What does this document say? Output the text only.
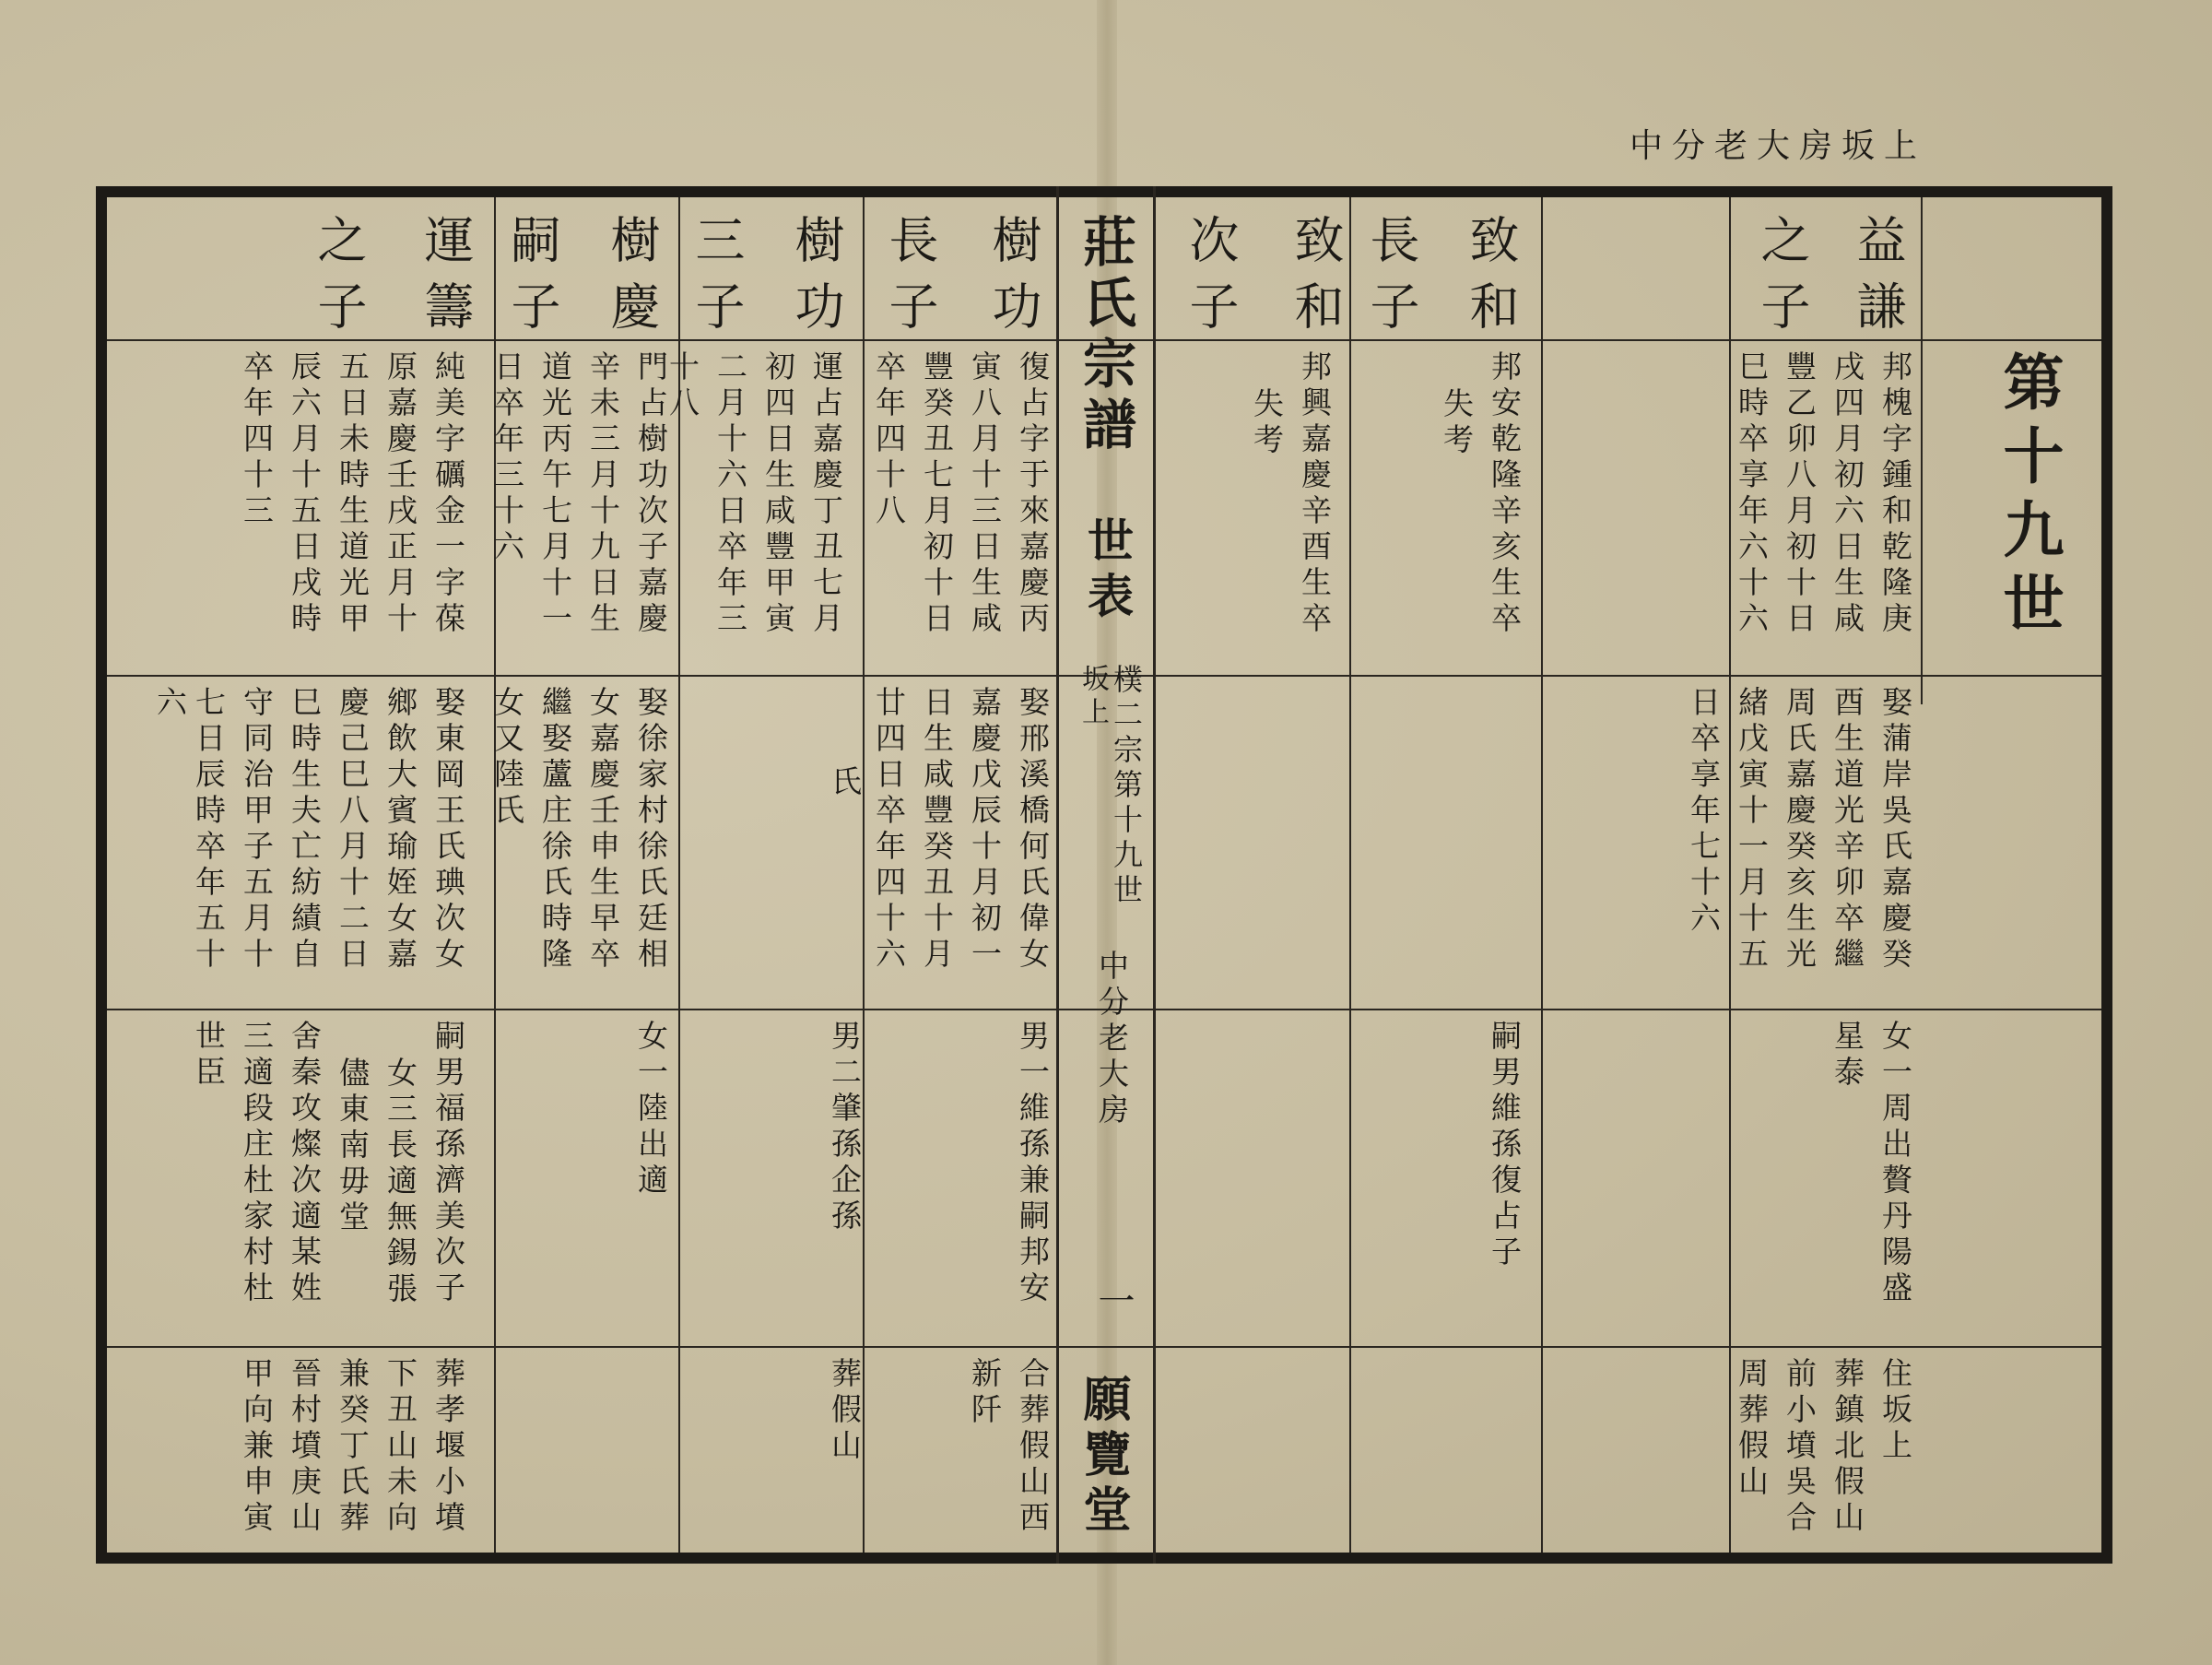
中分老大房坂上
第十九世
莊氏宗譜
世表
坂上 樸二宗第十九世
中分老大房
一
願覽堂
益謙
之子
致和
長子
致和
次子
邦槐字鍾和乾隆庚
戌四月初六日生咸
豐乙卯八月初十日
巳時卒享年六十六
邦安乾隆辛亥生卒
失考
邦興嘉慶辛酉生卒
失考
娶蒲岸吳氏嘉慶癸
酉生道光辛卯卒繼
周氏嘉慶癸亥生光
緒戊寅十一月十五
日卒享年七十六
女一周出贅丹陽盛
星泰
嗣男維孫復占子
住坂上
葬鎮北假山
前小墳吳合
周葬假山
樹功
長子
樹功
三子
樹慶
嗣子
運籌
之子
復占字于來嘉慶丙
寅八月十三日生咸
豐癸丑七月初十日
卒年四十八
運占嘉慶丁丑七月
初四日生咸豐甲寅
二月十六日卒年三
十八
門占樹功次子嘉慶
辛未三月十九日生
道光丙午七月十一
日卒年三十六
純美字礪金一字葆
原嘉慶壬戌正月十
五日未時生道光甲
辰六月十五日戌時
卒年四十三
娶邢溪橋何氏偉女
嘉慶戊辰十月初一
日生咸豐癸丑十月
廿四日卒年四十六
氏
娶徐家村徐氏廷相
女嘉慶壬申生早卒
繼娶蘆庄徐氏時隆
女又陸氏
娶東岡王氏琠次女
鄉飲大賓瑜姪女嘉
慶己巳八月十二日
巳時生夫亡紡績自
守同治甲子五月十
七日辰時卒年五十
六
男一維孫兼嗣邦安
男二肇孫企孫
女一陸出適
嗣男福孫濟美次子
女三長適無錫張
儘東南毋堂
舍秦攻燦次適某姓
三適段庄杜家村杜
世臣
合葬假山西
新阡
葬假山
葬孝堰小墳
下丑山未向
兼癸丁氏葬
晉村墳庚山
甲向兼申寅
